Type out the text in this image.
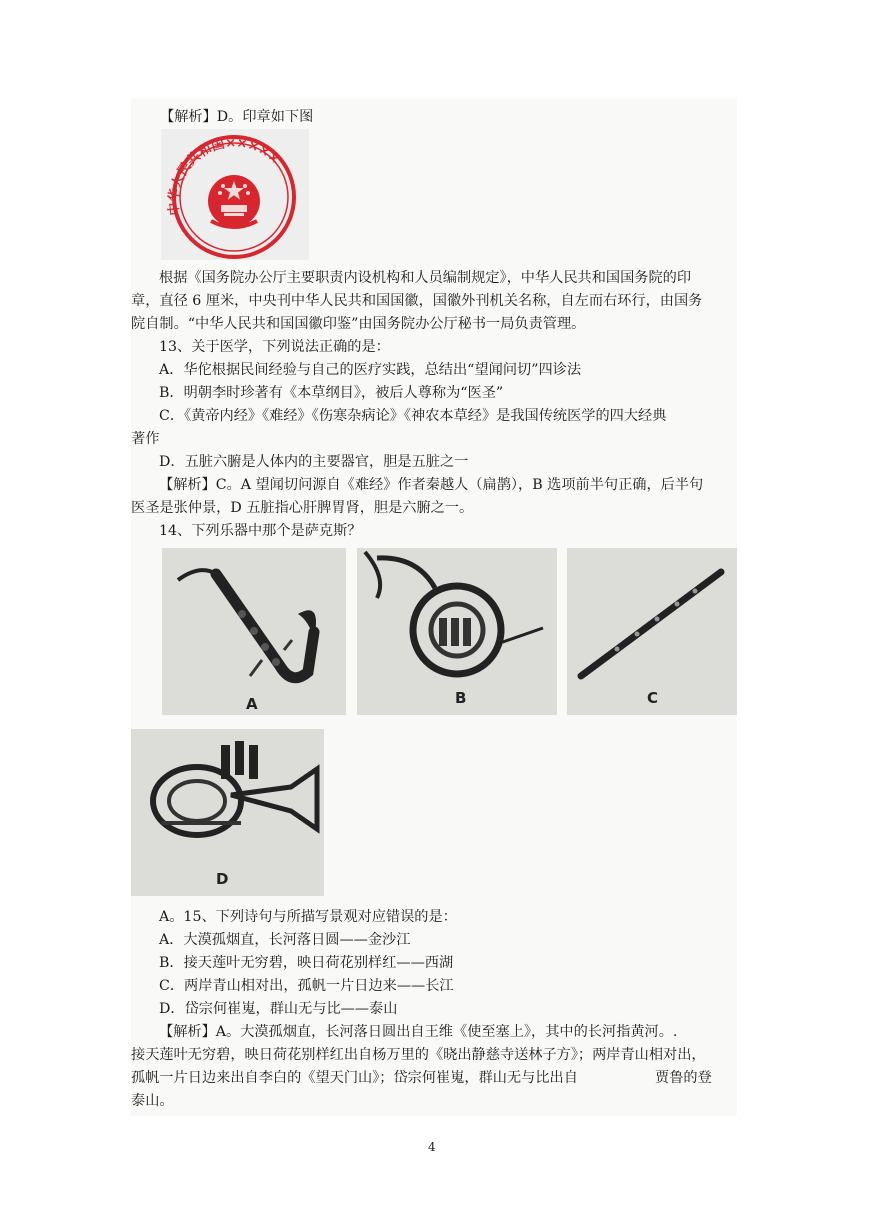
【解析】D。印章如下图
中华人民共和国×××××
根据《国务院办公厅主要职责内设机构和人员编制规定》，中华人民共和国国务院的印
章，直径 6 厘米，中央刊中华人民共和国国徽，国徽外刊机关名称，自左而右环行，由国务
院自制。“中华人民共和国国徽印鉴”由国务院办公厅秘书一局负责管理。
13、关于医学，下列说法正确的是：
A．华佗根据民间经验与自己的医疗实践，总结出“望闻问切”四诊法
B．明朝李时珍著有《本草纲目》，被后人尊称为“医圣”
C．《黄帝内经》《难经》《伤寒杂病论》《神农本草经》是我国传统医学的四大经典
著作
D．五脏六腑是人体内的主要器官，胆是五脏之一
【解析】C。A 望闻切问源自《难经》作者秦越人（扁鹊），B 选项前半句正确，后半句
医圣是张仲景，D 五脏指心肝脾胃肾，胆是六腑之一。
14、下列乐器中那个是萨克斯？
A	B	C
D
A。15、下列诗句与所描写景观对应错误的是：
A．大漠孤烟直，长河落日圆——金沙江
B．接天莲叶无穷碧，映日荷花别样红——西湖
C．两岸青山相对出，孤帆一片日边来——长江
D．岱宗何崔嵬，群山无与比——泰山
【解析】A。大漠孤烟直，长河落日圆出自王维《使至塞上》，其中的长河指黄河。.
接天莲叶无穷碧，映日荷花别样红出自杨万里的《晓出静慈寺送林子方》；两岸青山相对出，
孤帆一片日边来出自李白的《望天门山》；岱宗何崔嵬，群山无与比出自	贾鲁的登
泰山。
4
